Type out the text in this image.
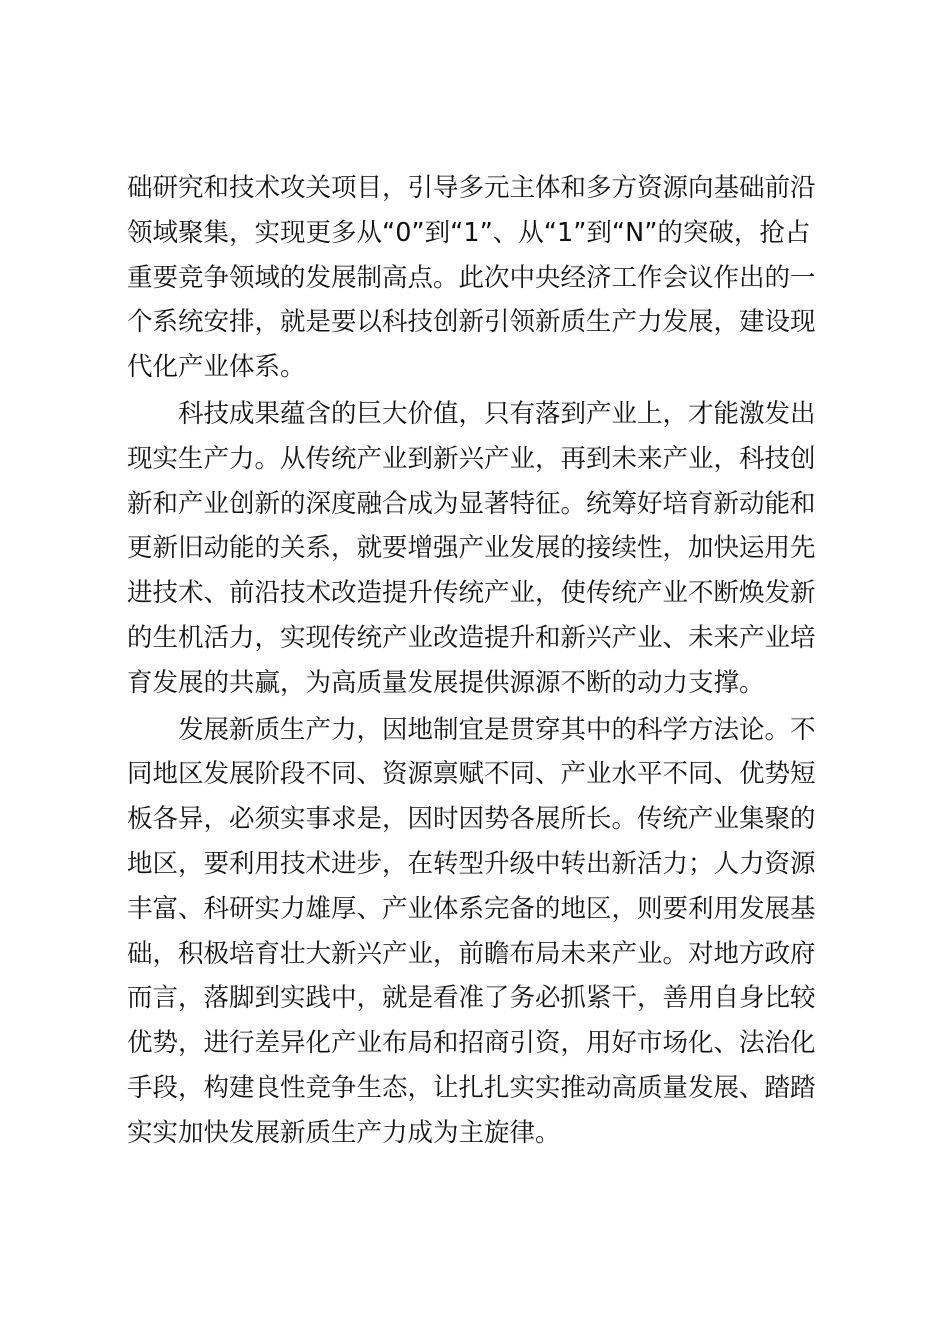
础研究和技术攻关项目，引导多元主体和多方资源向基础前沿
领域聚集，实现更多从“0”到“1”、从“1”到“N”的突破，抢占
重要竞争领域的发展制高点。此次中央经济工作会议作出的一
个系统安排，就是要以科技创新引领新质生产力发展，建设现
代化产业体系。
　　科技成果蕴含的巨大价值，只有落到产业上，才能激发出
现实生产力。从传统产业到新兴产业，再到未来产业，科技创
新和产业创新的深度融合成为显著特征。统筹好培育新动能和
更新旧动能的关系，就要增强产业发展的接续性，加快运用先
进技术、前沿技术改造提升传统产业，使传统产业不断焕发新
的生机活力，实现传统产业改造提升和新兴产业、未来产业培
育发展的共赢，为高质量发展提供源源不断的动力支撑。
　　发展新质生产力，因地制宜是贯穿其中的科学方法论。不
同地区发展阶段不同、资源禀赋不同、产业水平不同、优势短
板各异，必须实事求是，因时因势各展所长。传统产业集聚的
地区，要利用技术进步，在转型升级中转出新活力；人力资源
丰富、科研实力雄厚、产业体系完备的地区，则要利用发展基
础，积极培育壮大新兴产业，前瞻布局未来产业。对地方政府
而言，落脚到实践中，就是看准了务必抓紧干，善用自身比较
优势，进行差异化产业布局和招商引资，用好市场化、法治化
手段，构建良性竞争生态，让扎扎实实推动高质量发展、踏踏
实实加快发展新质生产力成为主旋律。
